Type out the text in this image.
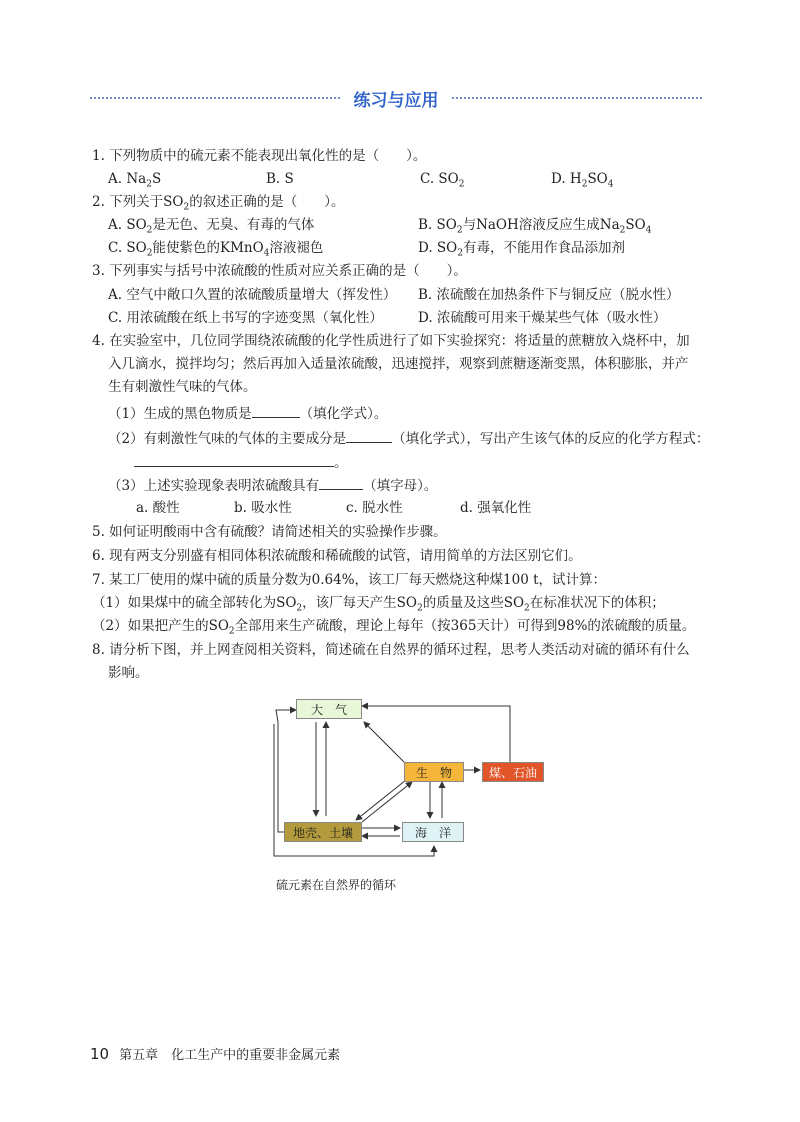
练习与应用
1. 下列物质中的硫元素不能表现出氧化性的是（　　）。
A. $Na_2S$	B. S	C. $SO_2$	D. $H_2SO_4$
2. 下列关于$SO_2$的叙述正确的是（　　）。
A. $SO_2$是无色、无臭、有毒的气体	B. $SO_2$与NaOH溶液反应生成$Na_2SO_4$
C. $SO_2$能使紫色的KMnO$_4$溶液褪色	D. $SO_2$有毒，不能用作食品添加剂
3. 下列事实与括号中浓硫酸的性质对应关系正确的是（　　）。
A. 空气中敞口久置的浓硫酸质量增大（挥发性） B. 浓硫酸在加热条件下与铜反应（脱水性）
C. 用浓硫酸在纸上书写的字迹变黑（氧化性）	D. 浓硫酸可用来干燥某些气体（吸水性）
4. 在实验室中，几位同学围绕浓硫酸的化学性质进行了如下实验探究：将适量的蔗糖放入烧杯中，加
入几滴水，搅拌均匀；然后再加入适量浓硫酸，迅速搅拌，观察到蔗糖逐渐变黑，体积膨胀，并产
生有刺激性气味的气体。
（1）生成的黑色物质是	（填化学式）。
（2）有刺激性气味的气体的主要成分是	（填化学式），写出产生该气体的反应的化学方程式：
。
（3）上述实验现象表明浓硫酸具有	（填字母）。
a. 酸性	b. 吸水性	c. 脱水性	d. 强氧化性
5. 如何证明酸雨中含有硫酸？请简述相关的实验操作步骤。
6. 现有两支分别盛有相同体积浓硫酸和稀硫酸的试管，请用简单的方法区别它们。
7. 某工厂使用的煤中硫的质量分数为0.64%，该工厂每天燃烧这种煤100 t，试计算：
（1）如果煤中的硫全部转化为$SO_2$，该厂每天产生$SO_2$的质量及这些$SO_2$在标准状况下的体积；
（2）如果把产生的$SO_2$全部用来生产硫酸，理论上每年（按365天计）可得到98%的浓硫酸的质量。
8. 请分析下图，并上网查阅相关资料，简述硫在自然界的循环过程，思考人类活动对硫的循环有什么
影响。
大　气
生　物	煤、石油
地壳、土壤	海　洋
硫元素在自然界的循环
10 第五章　化工生产中的重要非金属元素
